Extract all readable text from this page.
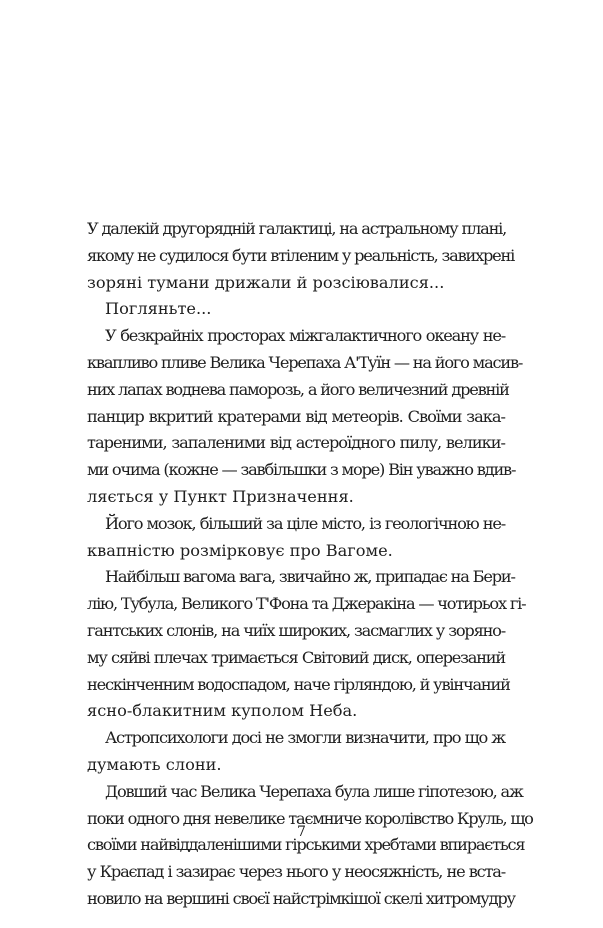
У далекій другорядній галактиці, на астральному плані,
якому не судилося бути втіленим у реальність, завихрені
зоряні тумани дрижали й розсіювалися...
Погляньте...
У безкрайніх просторах міжгалактичного океану не-
квапливо пливе Велика Черепаха А'Туїн — на його масив-
них лапах воднева паморозь, а його величезний древній
панцир вкритий кратерами від метеорів. Своїми зака-
тареними, запаленими від астероїдного пилу, велики-
ми очима (кожне — завбільшки з море) Він уважно вдив-
ляється у Пункт Призначення.
Його мозок, більший за ціле місто, із геологічною не-
квапністю розмірковує про Вагоме.
Найбільш вагома вага, звичайно ж, припадає на Бери-
лію, Тубула, Великого Т'Фона та Джеракіна — чотирьох гі-
гантських слонів, на чиїх широких, засмаглих у зоряно-
му сяйві плечах тримається Світовий диск, оперезаний
нескінченним водоспадом, наче гірляндою, й увінчаний
ясно-блакитним куполом Неба.
Астропсихологи досі не змогли визначити, про що ж
думають слони.
Довший час Велика Черепаха була лише гіпотезою, аж
поки одного дня невелике таємниче королівство Круль, що
своїми найвіддаленішими гірськими хребтами впирається
у Краєпад і зазирає через нього у неосяжність, не вста-
новило на вершині своєї найстрімкішої скелі хитромудру
7
